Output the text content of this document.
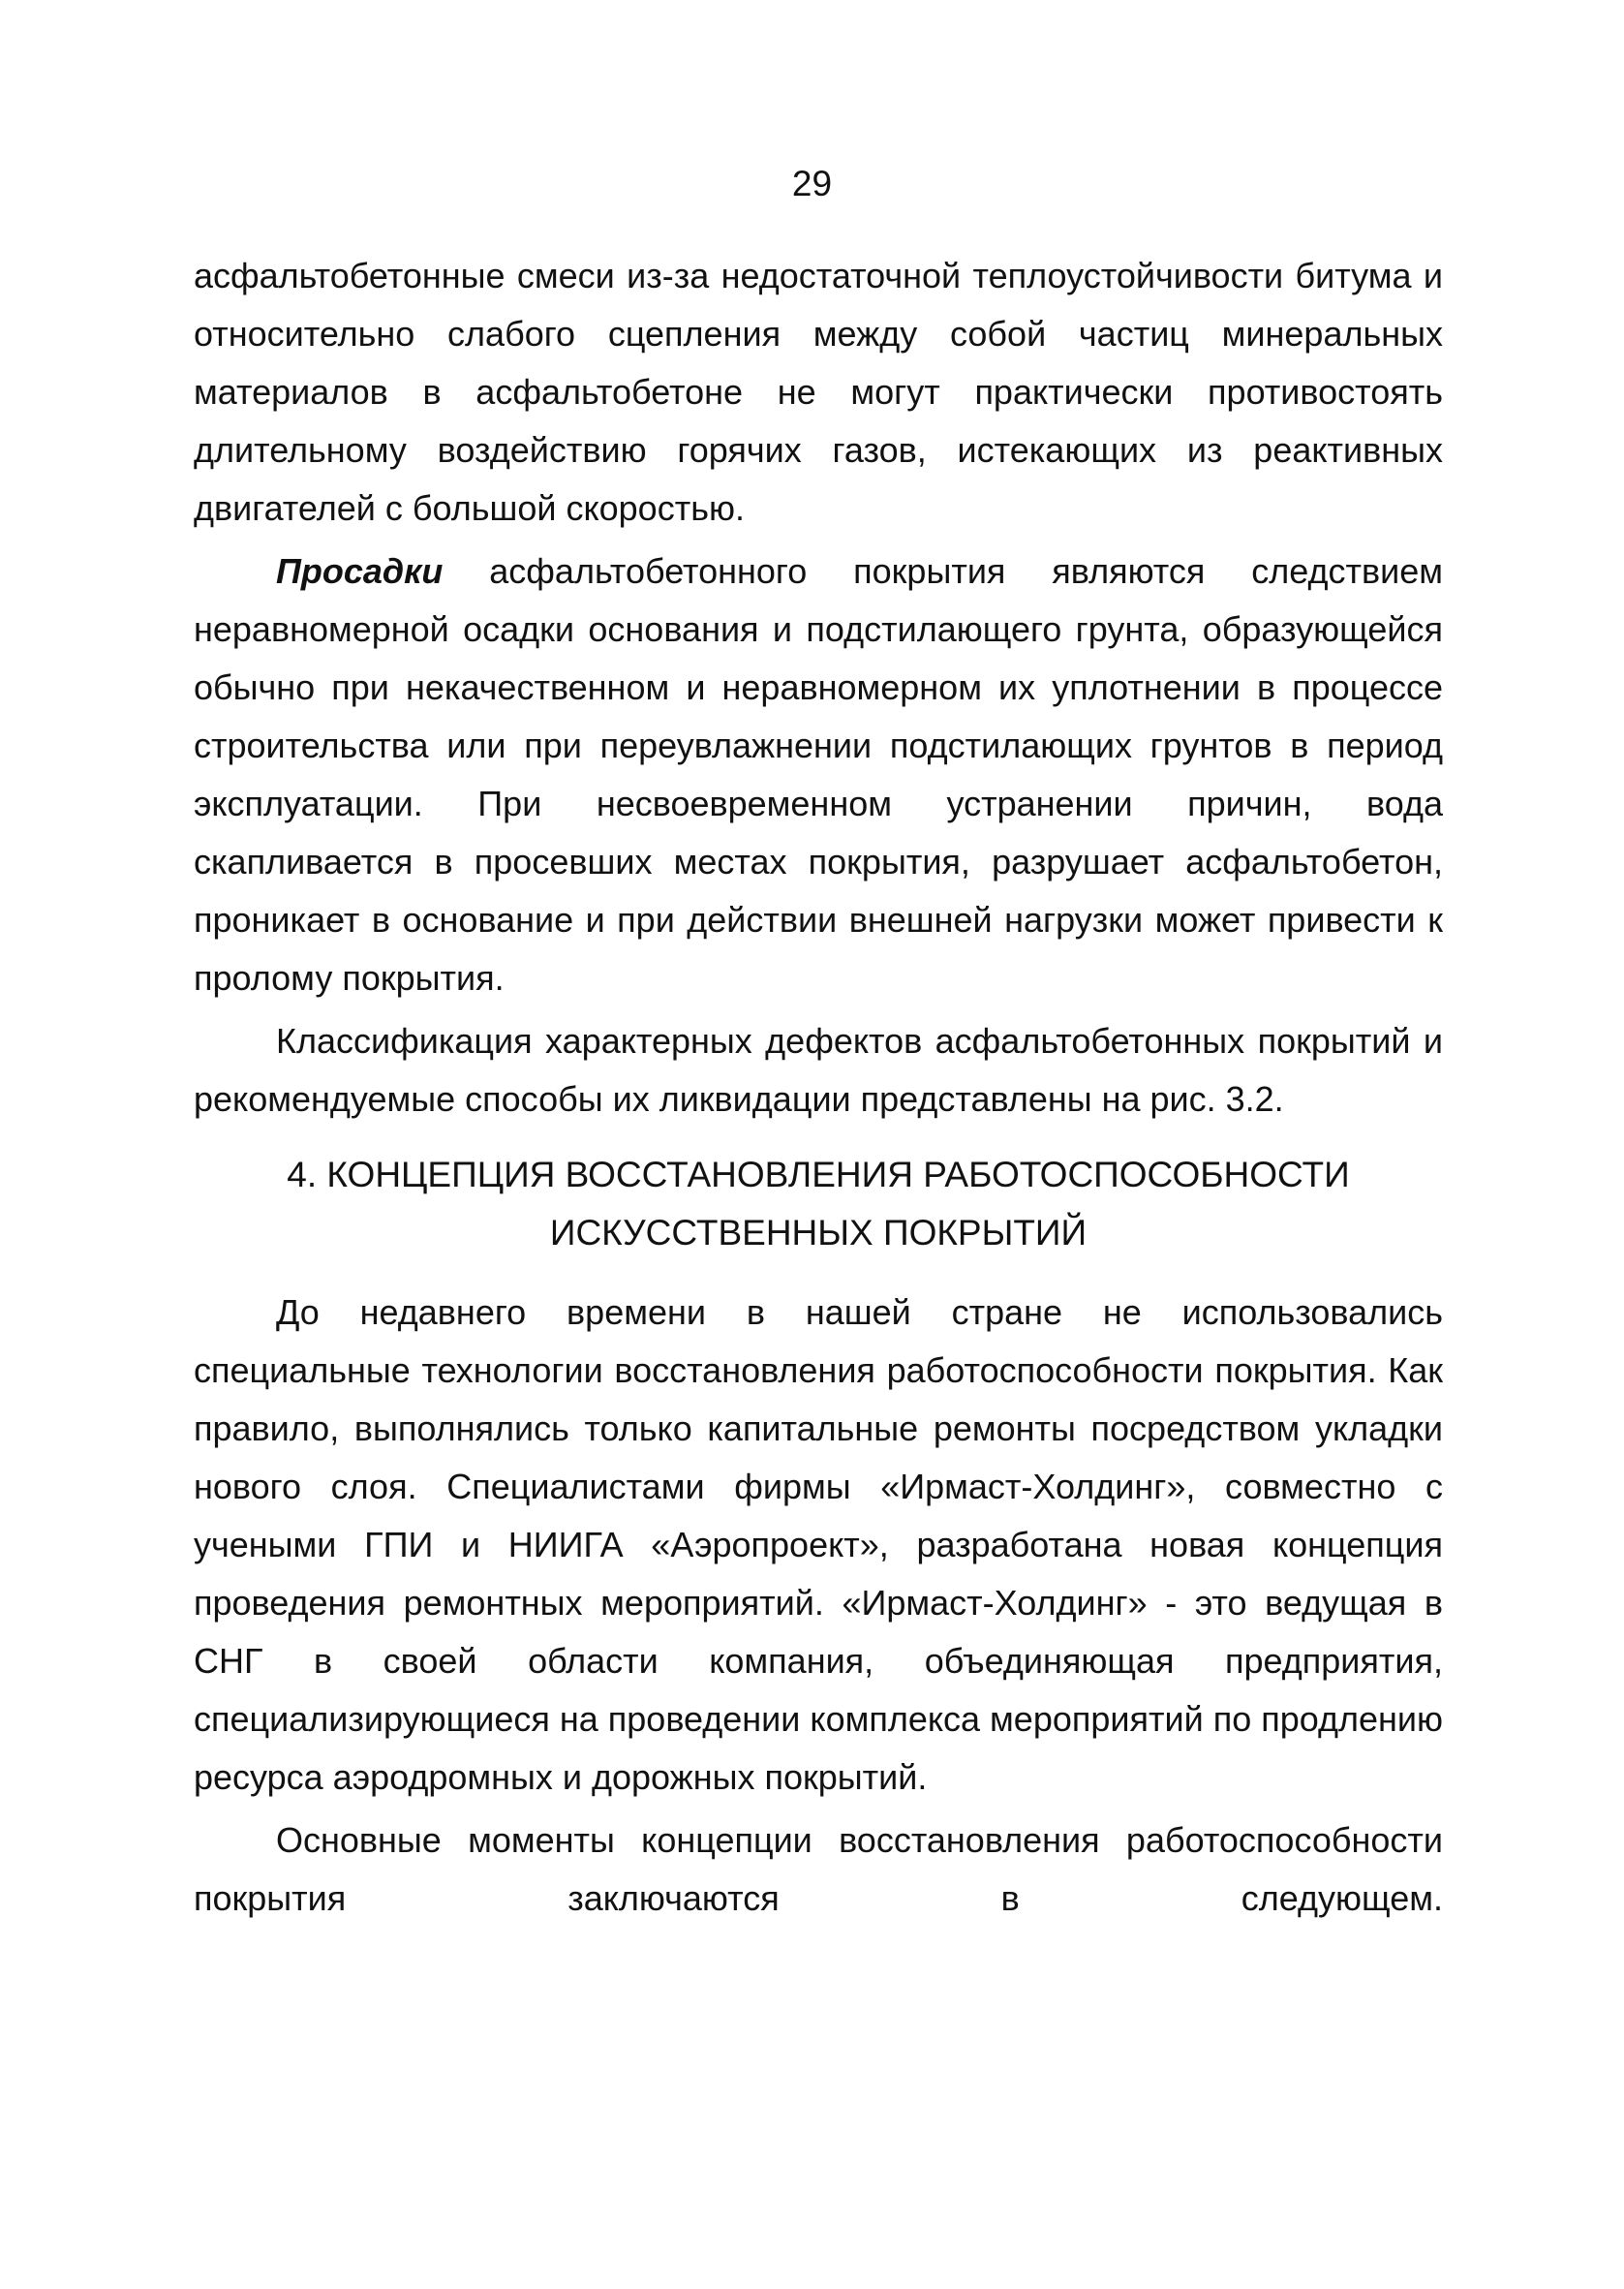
29

асфальтобетонные смеси из-за недостаточной теплоустойчивости битума и относительно слабого сцепления между собой частиц минеральных материалов в асфальтобетоне не могут практически противостоять длительному воздействию горячих газов, истекающих из реактивных двигателей с большой скоростью.

Просадки асфальтобетонного покрытия являются следствием неравномерной осадки основания и подстилающего грунта, образующейся обычно при некачественном и неравномерном их уплотнении в процессе строительства или при переувлажнении подстилающих грунтов в период эксплуатации. При несвоевременном устранении причин, вода скапливается в просевших местах покрытия, разрушает асфальтобетон, проникает в основание и при действии внешней нагрузки может привести к пролому покрытия.

Классификация характерных дефектов асфальтобетонных покрытий и рекомендуемые способы их ликвидации представлены на рис. 3.2.

4. КОНЦЕПЦИЯ ВОССТАНОВЛЕНИЯ РАБОТОСПОСОБНОСТИ
ИСКУССТВЕННЫХ ПОКРЫТИЙ

До недавнего времени в нашей стране не использовались специальные технологии восстановления работоспособности покрытия. Как правило, выполнялись только капитальные ремонты посредством укладки нового слоя. Специалистами фирмы «Ирмаст-Холдинг», совместно с учеными ГПИ и НИИГА «Аэропроект», разработана новая концепция проведения ремонтных мероприятий. «Ирмаст-Холдинг» - это ведущая в СНГ в своей области компания, объединяющая предприятия, специализирующиеся на проведении комплекса мероприятий по продлению ресурса аэродромных и дорожных покрытий.

Основные моменты концепции восстановления работоспособности покрытия заключаются в следующем.
